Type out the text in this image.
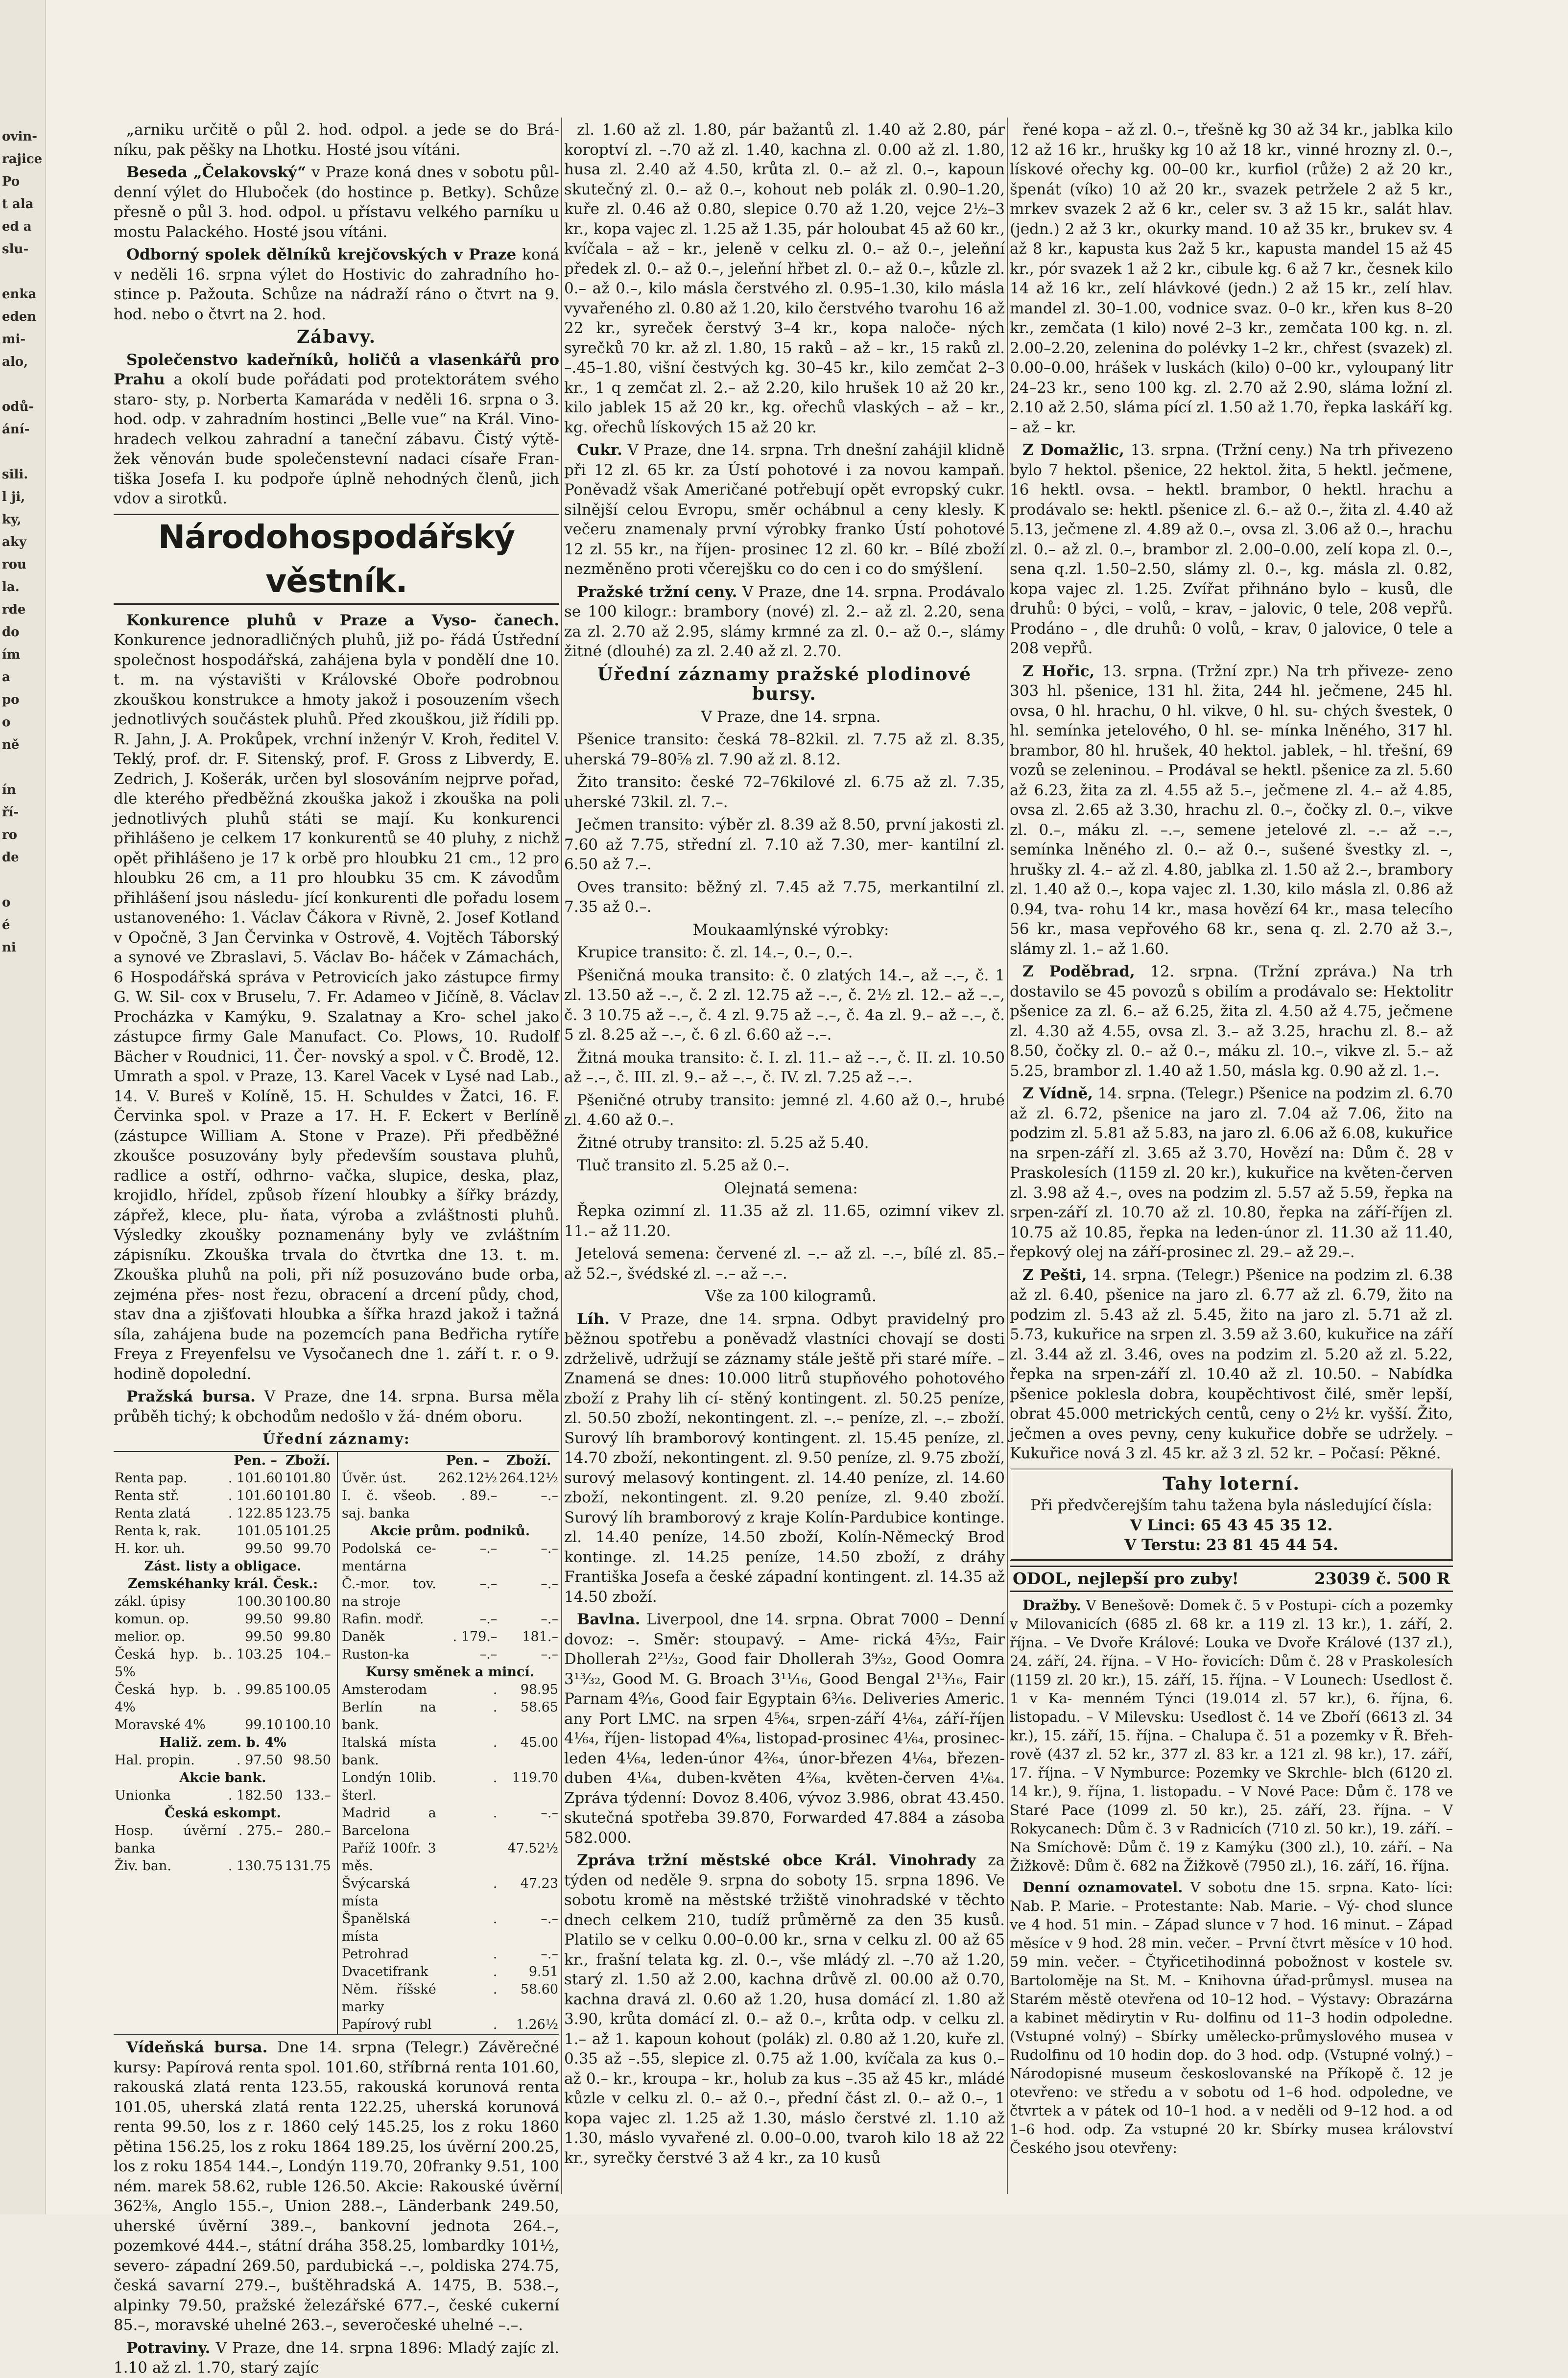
ovin-
rajice
Po
t ala
ed a
slu-
enka
eden
mi-
alo,
odů-
ání-
sili.
l ji,
ky,
aky
rou
la.
rde
do
ím
a
po
o
ně
ín
ří-
ro
de
o
é
ni

„arniku určitě o půl 2. hod. odpol. a jede se do Brá- níku, pak pěšky na Lhotku. Hosté jsou vítáni.

Beseda „Čelakovský“ v Praze koná dnes v sobotu půl- denní výlet do Hluboček (do hostince p. Betky). Schůze přesně o půl 3. hod. odpol. u přístavu velkého parníku u mostu Palackého. Hosté jsou vítáni.

Odborný spolek dělníků krejčovských v Praze koná v neděli 16. srpna výlet do Hostivic do zahradního ho- stince p. Pažouta. Schůze na nádraží ráno o čtvrt na 9. hod. nebo o čtvrt na 2. hod.

Zábavy.

Společenstvo kadeřníků, holičů a vlasenkářů pro Prahu a okolí bude pořádati pod protektorátem svého staro- sty, p. Norberta Kamaráda v neděli 16. srpna o 3. hod. odp. v zahradním hostinci „Belle vue“ na Král. Vino- hradech velkou zahradní a taneční zábavu. Čistý výtě- žek věnován bude společenstevní nadaci císaře Fran- tiška Josefa I. ku podpoře úplně nehodných členů, jich vdov a sirotků.

Národohospodářský věstník.

Konkurence pluhů v Praze a Vyso- čanech. Konkurence jednoradličných pluhů, již po- řádá Ústřední společnost hospodářská, zahájena byla v pondělí dne 10. t. m. na výstavišti v Královské Oboře podrobnou zkouškou konstrukce a hmoty jakož i posouzením všech jednotlivých součástek pluhů. Před zkouškou, již řídili pp. R. Jahn, J. A. Prokůpek, vrchní inženýr V. Kroh, ředitel V. Teklý, prof. dr. F. Sitenský, prof. F. Gross z Libverdy, E. Zedrich, J. Košerák, určen byl slosováním nejprve pořad, dle kterého předběžná zkouška jakož i zkouška na poli jednotlivých pluhů státi se mají. Ku konkurenci přihlášeno je celkem 17 konkurentů se 40 pluhy, z nichž opět přihlášeno je 17 k orbě pro hloubku 21 cm., 12 pro hloubku 26 cm, a 11 pro hloubku 35 cm. K závodům přihlášení jsou následu- jící konkurenti dle pořadu losem ustanoveného: 1. Václav Čákora v Rivně, 2. Josef Kotland v Opočně, 3 Jan Červinka v Ostrově, 4. Vojtěch Táborský a synové ve Zbraslavi, 5. Václav Bo- háček v Zámachách, 6 Hospodářská správa v Petrovicích jako zástupce firmy G. W. Sil- cox v Bruselu, 7. Fr. Adameo v Jičíně, 8. Václav Procházka v Kamýku, 9. Szalatnay a Kro- schel jako zástupce firmy Gale Manufact. Co. Plows, 10. Rudolf Bächer v Roudnici, 11. Čer- novský a spol. v Č. Brodě, 12. Umrath a spol. v Praze, 13. Karel Vacek v Lysé nad Lab., 14. V. Bureš v Kolíně, 15. H. Schuldes v Žatci, 16. F. Červinka spol. v Praze a 17. H. F. Eckert v Berlíně (zástupce William A. Stone v Praze). Při předběžné zkoušce posuzovány byly především soustava pluhů, radlice a ostří, odhrno- vačka, slupice, deska, plaz, krojidlo, hřídel, způsob řízení hloubky a šířky brázdy, zápřež, klece, plu- ňata, výroba a zvláštnosti pluhů. Výsledky zkoušky poznamenány byly ve zvláštním zápisníku. Zkouška trvala do čtvrtka dne 13. t. m. Zkouška pluhů na poli, při níž posuzováno bude orba, zejména přes- nost řezu, obracení a drcení půdy, chod, stav dna a zjišťovati hloubka a šířka hrazd jakož i tažná síla, zahájena bude na pozemcích pana Bedřicha rytíře Freya z Freyenfelsu ve Vysočanech dne 1. září t. r. o 9. hodině dopolední.

Pražská bursa. V Praze, dne 14. srpna. Bursa měla průběh tichý; k obchodům nedošlo v žá- dném oboru.

Úřední záznamy:
	Pen. –	Zboží.
Renta pap.	. 101.60	101.80
Renta stř.	. 101.60	101.80
Renta zlatá	. 122.85	123.75
Renta k, rak.	101.05	101.25
H. kor. uh.	99.50	99.70
Zást. listy a obligace.		
Zemskéhanky král. Česk.:		
zákl. úpisy	100.30	100.80
komun. op.	99.50	99.80
melior. op.	99.50	99.80
Česká hyp. b. 5%	. 103.25	104.–
Česká hyp. b. 4%	. 99.85	100.05
Moravské 4%	99.10	100.10
Haliž. zem. b. 4%		
Hal. propin.	. 97.50	98.50
Akcie bank.		
Unionka	. 182.50	133.–
Česká eskompt.		
Hosp. úvěrní banka	. 275.–	280.–
Živ. ban.	. 130.75	131.75
	Pen. –	Zboží.
Úvěr. úst.	262.12½	264.12½
I. č. všeob. saj. banka	. 89.–	–.–
Akcie prům. podniků.		
Podolská ce- mentárna	–.–	–.–
Č.-mor. tov. na stroje	–.–	–.–
Rafin. modř.	–.–	–.–
Daněk	. 179.–	181.–
Ruston-ka	–.–	–.–
Kursy směnek a mincí.		
Amsterodam	.	98.95
Berlín na bank.	.	58.65
Italská místa bank.	.	45.00
Londýn 10lib. šterl.	.	119.70
Madrid a Barcelona	.	–.–
Paříž 100fr. 3 měs.		47.52½
Švýcarská místa	.	47.23
Španělská místa	.	–.–
Petrohrad	.	–.–
Dvacetifrank	.	9.51
Něm. říšské marky	.	58.60
Papírový rubl	.	1.26½

Vídeňská bursa. Dne 14. srpna (Telegr.) Závěrečné kursy: Papírová renta spol. 101.60, stříbrná renta 101.60, rakouská zlatá renta 123.55, rakouská korunová renta 101.05, uherská zlatá renta 122.25, uherská korunová renta 99.50, los z r. 1860 celý 145.25, los z roku 1860 pětina 156.25, los z roku 1864 189.25, los úvěrní 200.25, los z roku 1854 144.–, Londýn 119.70, 20franky 9.51, 100 ném. marek 58.62, ruble 126.50. Akcie: Rakouské úvěrní 362⅜, Anglo 155.–, Union 288.–, Länderbank 249.50, uherské úvěrní 389.–, bankovní jednota 264.–, pozemkové 444.–, státní dráha 358.25, lombardky 101½, severo- západní 269.50, pardubická –.–, poldiska 274.75, česká savarní 279.–, buštěhradská A. 1475, B. 538.–, alpinky 79.50, pražské železářské 677.–, české cukerní 85.–, moravské uhelné 263.–, severočeské uhelné –.–.

Potraviny. V Praze, dne 14. srpna 1896: Mladý zajíc zl. 1.10 až zl. 1.70, starý zajíc

zl. 1.60 až zl. 1.80, pár bažantů zl. 1.40 až 2.80, pár koroptví zl. –.70 až zl. 1.40, kachna zl. 0.00 až zl. 1.80, husa zl. 2.40 až 4.50, krůta zl. 0.– až zl. 0.–, kapoun skutečný zl. 0.– až 0.–, kohout neb polák zl. 0.90–1.20, kuře zl. 0.46 až 0.80, slepice 0.70 až 1.20, vejce 2½–3 kr., kopa vajec zl. 1.25 až 1.35, pár holoubat 45 až 60 kr., kvíčala – až – kr., jeleně v celku zl. 0.– až 0.–, jeleňní předek zl. 0.– až 0.–, jeleňní hřbet zl. 0.– až 0.–, kůzle zl. 0.– až 0.–, kilo másla čerstvého zl. 0.95–1.30, kilo másla vyvařeného zl. 0.80 až 1.20, kilo čerstvého tvarohu 16 až 22 kr., syreček čerstvý 3–4 kr., kopa naloče- ných syrečků 70 kr. až zl. 1.80, 15 raků – až – kr., 15 raků zl. –.45–1.80, višní čestvých kg. 30–45 kr., kilo zemčat 2–3 kr., 1 q zemčat zl. 2.– až 2.20, kilo hrušek 10 až 20 kr., kilo jablek 15 až 20 kr., kg. ořechů vlaských – až – kr., kg. ořechů lískových 15 až 20 kr.

Cukr. V Praze, dne 14. srpna. Trh dnešní zahájil klidně při 12 zl. 65 kr. za Ústí pohotové i za novou kampaň. Poněvadž však Američané potřebují opět evropský cukr. silnější celou Evropu, směr ochábnul a ceny klesly. K večeru znamenaly první výrobky franko Ústí pohotové 12 zl. 55 kr., na říjen- prosinec 12 zl. 60 kr. – Bílé zboží nezměněno proti včerejšku co do cen i co do smýšlení.

Pražské tržní ceny. V Praze, dne 14. srpna. Prodávalo se 100 kilogr.: brambory (nové) zl. 2.– až zl. 2.20, sena za zl. 2.70 až 2.95, slámy krmné za zl. 0.– až 0.–, slámy žitné (dlouhé) za zl. 2.40 až zl. 2.70.

Úřední záznamy pražské plodinové bursy.

V Praze, dne 14. srpna.

Pšenice transito: česká 78–82kil. zl. 7.75 až zl. 8.35, uherská 79–80⅝ zl. 7.90 až zl. 8.12.

Žito transito: české 72–76kilové zl. 6.75 až zl. 7.35, uherské 73kil. zl. 7.–.

Ječmen transito: výběr zl. 8.39 až 8.50, první jakosti zl. 7.60 až 7.75, střední zl. 7.10 až 7.30, mer- kantilní zl. 6.50 až 7.–.

Oves transito: běžný zl. 7.45 až 7.75, merkantilní zl. 7.35 až 0.–.

Moukaamlýnské výrobky:

Krupice transito: č. zl. 14.–, 0.–, 0.–.

Pšeničná mouka transito: č. 0 zlatých 14.–, až –.–, č. 1 zl. 13.50 až –.–, č. 2 zl. 12.75 až –.–, č. 2½ zl. 12.– až –.–, č. 3 10.75 až –.–, č. 4 zl. 9.75 až –.–, č. 4a zl. 9.– až –.–, č. 5 zl. 8.25 až –.–, č. 6 zl. 6.60 až –.–.

Žitná mouka transito: č. I. zl. 11.– až –.–, č. II. zl. 10.50 až –.–, č. III. zl. 9.– až –.–, č. IV. zl. 7.25 až –.–.

Pšeničné otruby transito: jemné zl. 4.60 až 0.–, hrubé zl. 4.60 až 0.–.

Žitné otruby transito: zl. 5.25 až 5.40.

Tluč transito zl. 5.25 až 0.–.

Olejnatá semena:

Řepka ozimní zl. 11.35 až zl. 11.65, ozimní vikev zl. 11.– až 11.20.

Jetelová semena: červené zl. –.– až zl. –.–, bílé zl. 85.– až 52.–, švédské zl. –.– až –.–.

Vše za 100 kilogramů.

Líh. V Praze, dne 14. srpna. Odbyt pravidelný pro běžnou spotřebu a poněvadž vlastníci chovají se dosti zdrželivě, udržují se záznamy stále ještě při staré míře. – Znamená se dnes: 10.000 litrů stupňového pohotového zboží z Prahy lih cí- stěný kontingent. zl. 50.25 peníze, zl. 50.50 zboží, nekontingent. zl. –.– peníze, zl. –.– zboží. Surový líh bramborový kontingent. zl. 15.45 peníze, zl. 14.70 zboží, nekontingent. zl. 9.50 peníze, zl. 9.75 zboží, surový melasový kontingent. zl. 14.40 peníze, zl. 14.60 zboží, nekontingent. zl. 9.20 peníze, zl. 9.40 zboží. Surový líh bramborový z kraje Kolín-Pardubice kontinge. zl. 14.40 peníze, 14.50 zboží, Kolín-Německý Brod kontinge. zl. 14.25 peníze, 14.50 zboží, z dráhy Františka Josefa a české západní kontingent. zl. 14.35 až 14.50 zboží.

Bavlna. Liverpool, dne 14. srpna. Obrat 7000 – Denní dovoz: –. Směr: stoupavý. – Ame- rická 4⁵⁄₃₂, Fair Dhollerah 2²¹⁄₃₂, Good fair Dhollerah 3⁹⁄₃₂, Good Oomra 3¹³⁄₃₂, Good M. G. Broach 3¹¹⁄₁₆, Good Bengal 2¹³⁄₁₆, Fair Parnam 4⁹⁄₁₆, Good fair Egyptain 6³⁄₁₆. Deliveries Americ. any Port LMC. na srpen 4⁵⁄₆₄, srpen-září 4¹⁄₆₄, září-říjen 4¹⁄₆₄, říjen- listopad 4⁰⁄₆₄, listopad-prosinec 4¹⁄₆₄, prosinec-leden 4¹⁄₆₄, leden-únor 4²⁄₆₄, únor-březen 4¹⁄₆₄, březen-duben 4¹⁄₆₄, duben-květen 4²⁄₆₄, květen-červen 4¹⁄₆₄. Zpráva týdenní: Dovoz 8.406, vývoz 3.986, obrat 43.450. skutečná spotřeba 39.870, Forwarded 47.884 a zásoba 582.000.

Zpráva tržní městské obce Král. Vinohrady za týden od neděle 9. srpna do soboty 15. srpna 1896. Ve sobotu kromě na městské tržiště vinohradské v těchto dnech celkem 210, tudíž průměrně za den 35 kusů. Platilo se v celku 0.00–0.00 kr., srna v celku zl. 00 až 65 kr., frašní telata kg. zl. 0.–, vše mládý zl. –.70 až 1.20, starý zl. 1.50 až 2.00, kachna drůvě zl. 00.00 až 0.70, kachna dravá zl. 0.60 až 1.20, husa domácí zl. 1.80 až 3.90, krůta domácí zl. 0.– až 0.–, krůta odp. v celku zl. 1.– až 1. kapoun kohout (polák) zl. 0.80 až 1.20, kuře zl. 0.35 až –.55, slepice zl. 0.75 až 1.00, kvíčala za kus 0.– až 0.– kr., kroupa – kr., holub za kus –.35 až 45 kr., mládé kůzle v celku zl. 0.– až 0.–, přední část zl. 0.– až 0.–, 1 kopa vajec zl. 1.25 až 1.30, máslo čerstvé zl. 1.10 až 1.30, máslo vyvařené zl. 0.00–0.00, tvaroh kilo 18 až 22 kr., syrečky čerstvé 3 až 4 kr., za 10 kusů

řené kopa – až zl. 0.–, třešně kg 30 až 34 kr., jablka kilo 12 až 16 kr., hrušky kg 10 až 18 kr., vinné hrozny zl. 0.–, lískové ořechy kg. 00–00 kr., kurfiol (růže) 2 až 20 kr., špenát (víko) 10 až 20 kr., svazek petržele 2 až 5 kr., mrkev svazek 2 až 6 kr., celer sv. 3 až 15 kr., salát hlav. (jedn.) 2 až 3 kr., okurky mand. 10 až 35 kr., brukev sv. 4 až 8 kr., kapusta kus 2až 5 kr., kapusta mandel 15 až 45 kr., pór svazek 1 až 2 kr., cibule kg. 6 až 7 kr., česnek kilo 14 až 16 kr., zelí hlávkové (jedn.) 2 až 15 kr., zelí hlav. mandel zl. 30–1.00, vodnice svaz. 0–0 kr., křen kus 8–20 kr., zemčata (1 kilo) nové 2–3 kr., zemčata 100 kg. n. zl. 2.00–2.20, zelenina do polévky 1–2 kr., chřest (svazek) zl. 0.00–0.00, hrášek v luskách (kilo) 0–00 kr., vyloupaný litr 24–23 kr., seno 100 kg. zl. 2.70 až 2.90, sláma ložní zl. 2.10 až 2.50, sláma pící zl. 1.50 až 1.70, řepka laskáří kg. – až – kr.

Z Domažlic, 13. srpna. (Tržní ceny.) Na trh přivezeno bylo 7 hektol. pšenice, 22 hektol. žita, 5 hektl. ječmene, 16 hektl. ovsa. – hektl. brambor, 0 hektl. hrachu a prodávalo se: hektl. pšenice zl. 6.– až 0.–, žita zl. 4.40 až 5.13, ječmene zl. 4.89 až 0.–, ovsa zl. 3.06 až 0.–, hrachu zl. 0.– až zl. 0.–, brambor zl. 2.00–0.00, zelí kopa zl. 0.–, sena q.zl. 1.50–2.50, slámy zl. 0.–, kg. másla zl. 0.82, kopa vajec zl. 1.25. Zvířat přihnáno bylo – kusů, dle druhů: 0 býci, – volů, – krav, – jalovic, 0 tele, 208 vepřů. Prodáno – , dle druhů: 0 volů, – krav, 0 jalovice, 0 tele a 208 vepřů.

Z Hořic, 13. srpna. (Tržní zpr.) Na trh přiveze- zeno 303 hl. pšenice, 131 hl. žita, 244 hl. ječmene, 245 hl. ovsa, 0 hl. hrachu, 0 hl. vikve, 0 hl. su- chých švestek, 0 hl. semínka jetelového, 0 hl. se- mínka lněného, 317 hl. brambor, 80 hl. hrušek, 40 hektol. jablek, – hl. třešní, 69 vozů se zeleninou. – Prodával se hektl. pšenice za zl. 5.60 až 6.23, žita za zl. 4.55 až 5.–, ječmene zl. 4.– až 4.85, ovsa zl. 2.65 až 3.30, hrachu zl. 0.–, čočky zl. 0.–, vikve zl. 0.–, máku zl. –.–, semene jetelové zl. –.– až –.–, semínka lněného zl. 0.– až 0.–, sušené švestky zl. –, hrušky zl. 4.– až zl. 4.80, jablka zl. 1.50 až 2.–, brambory zl. 1.40 až 0.–, kopa vajec zl. 1.30, kilo másla zl. 0.86 až 0.94, tva- rohu 14 kr., masa hovězí 64 kr., masa telecího 56 kr., masa vepřového 68 kr., sena q. zl. 2.70 až 3.–, slámy zl. 1.– až 1.60.

Z Poděbrad, 12. srpna. (Tržní zpráva.) Na trh dostavilo se 45 povozů s obilím a prodávalo se: Hektolitr pšenice za zl. 6.– až 6.25, žita zl. 4.50 až 4.75, ječmene zl. 4.30 až 4.55, ovsa zl. 3.– až 3.25, hrachu zl. 8.– až 8.50, čočky zl. 0.– až 0.–, máku zl. 10.–, vikve zl. 5.– až 5.25, brambor zl. 1.40 až 1.50, másla kg. 0.90 až zl. 1.–.

Z Vídně, 14. srpna. (Telegr.) Pšenice na podzim zl. 6.70 až zl. 6.72, pšenice na jaro zl. 7.04 až 7.06, žito na podzim zl. 5.81 až 5.83, na jaro zl. 6.06 až 6.08, kukuřice na srpen-září zl. 3.65 až 3.70, Hovězí na: Dům č. 28 v Praskolesích (1159 zl. 20 kr.), kukuřice na květen-červen zl. 3.98 až 4.–, oves na podzim zl. 5.57 až 5.59, řepka na srpen-září zl. 10.70 až zl. 10.80, řepka na září-říjen zl. 10.75 až 10.85, řepka na leden-únor zl. 11.30 až 11.40, řepkový olej na září-prosinec zl. 29.– až 29.–.

Z Pešti, 14. srpna. (Telegr.) Pšenice na podzim zl. 6.38 až zl. 6.40, pšenice na jaro zl. 6.77 až zl. 6.79, žito na podzim zl. 5.43 až zl. 5.45, žito na jaro zl. 5.71 až zl. 5.73, kukuřice na srpen zl. 3.59 až 3.60, kukuřice na září zl. 3.44 až zl. 3.46, oves na podzim zl. 5.20 až zl. 5.22, řepka na srpen-září zl. 10.40 až zl. 10.50. – Nabídka pšenice poklesla dobra, koupěchtivost čilé, směr lepší, obrat 45.000 metrických centů, ceny o 2½ kr. vyšší. Žito, ječmen a oves pevny, ceny kukuřice dobře se udržely. – Kukuřice nová 3 zl. 45 kr. až 3 zl. 52 kr. – Počasí: Pěkné.

Tahy loterní.
Při předvčerejším tahu tažena byla následující čísla:
V Linci: 65 43 45 35 12.
V Terstu: 23 81 45 44 54.
ODOL, nejlepší pro zuby!	23039 č. 500 R

Dražby. V Benešově: Domek č. 5 v Postupi- cích a pozemky v Milovanicích (685 zl. 68 kr. a 119 zl. 13 kr.), 1. září, 2. října. – Ve Dvoře Králové: Louka ve Dvoře Králové (137 zl.), 24. září, 24. října. – V Ho- řovicích: Dům č. 28 v Praskolesích (1159 zl. 20 kr.), 15. září, 15. října. – V Lounech: Usedlost č. 1 v Ka- menném Týnci (19.014 zl. 57 kr.), 6. října, 6. listopadu. – V Milevsku: Usedlost č. 14 ve Zboří (6613 zl. 34 kr.), 15. září, 15. října. – Chalupa č. 51 a pozemky v Ř. Břeh- rově (437 zl. 52 kr., 377 zl. 83 kr. a 121 zl. 98 kr.), 17. září, 17. října. – V Nymburce: Pozemky ve Skrchle- blch (6120 zl. 14 kr.), 9. října, 1. listopadu. – V Nové Pace: Dům č. 178 ve Staré Pace (1099 zl. 50 kr.), 25. září, 23. října. – V Rokycanech: Dům č. 3 v Radnicích (710 zl. 50 kr.), 19. září. – Na Smíchově: Dům č. 19 z Kamýku (300 zl.), 10. září. – Na Žižkově: Dům č. 682 na Žižkově (7950 zl.), 16. září, 16. října.

Denní oznamovatel. V sobotu dne 15. srpna. Kato- líci: Nab. P. Marie. – Protestante: Nab. Marie. – Vý- chod slunce ve 4 hod. 51 min. – Západ slunce v 7 hod. 16 minut. – Západ měsíce v 9 hod. 28 min. večer. – První čtvrt měsíce v 10 hod. 59 min. večer. – Čtyřicetihodinná pobožnost v kostele sv. Bartoloměje na St. M. – Knihovna úřad-průmysl. musea na Starém městě otevřena od 10–12 hod. – Výstavy: Obrazárna a kabinet mědirytin v Ru- dolfinu od 11–3 hodin odpoledne. (Vstupné volný) – Sbírky umělecko-průmyslového musea v Rudolfinu od 10 hodin dop. do 3 hod. odp. (Vstupné volný.) – Národopisné museum českoslovanské na Příkopě č. 12 je otevřeno: ve středu a v sobotu od 1–6 hod. odpoledne, ve čtvrtek a v pátek od 10–1 hod. a v neděli od 9–12 hod. a od 1–6 hod. odp. Za vstupné 20 kr. Sbírky musea království Českého jsou otevřeny:
